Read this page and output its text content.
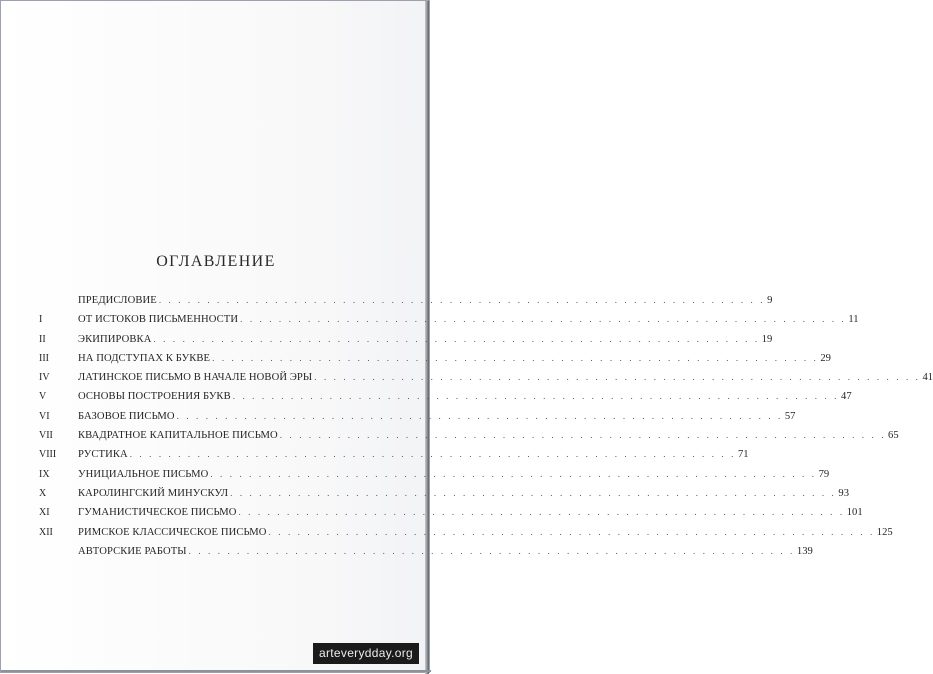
ОГЛАВЛЕНИЕ
ПРЕДИСЛОВИЕ . . . . . . . . . . . . . . . . . . . . . . . . . . . . . . . . . . . . . . . . . . . . . . . . . . . . . . . . . . . . . . . 9
I	ОТ ИСТОКОВ ПИСЬМЕННОСТИ . . . . . . . . . . . . . . . . . . . . . . . . . . . . . . . . . . . . . . . . . . . . . . . . . . . . . . . . . . . . . . . 11
II	ЭКИПИРОВКА . . . . . . . . . . . . . . . . . . . . . . . . . . . . . . . . . . . . . . . . . . . . . . . . . . . . . . . . . . . . . . . 19
III	НА ПОДСТУПАХ К БУКВЕ . . . . . . . . . . . . . . . . . . . . . . . . . . . . . . . . . . . . . . . . . . . . . . . . . . . . . . . . . . . . . . . 29
IV	ЛАТИНСКОЕ ПИСЬМО В НАЧАЛЕ НОВОЙ ЭРЫ . . . . . . . . . . . . . . . . . . . . . . . . . . . . . . . . . . . . . . . . . . . . . . . . . . . . . . . . . . . . . . . 41
V	ОСНОВЫ ПОСТРОЕНИЯ БУКВ . . . . . . . . . . . . . . . . . . . . . . . . . . . . . . . . . . . . . . . . . . . . . . . . . . . . . . . . . . . . . . . 47
VI	БАЗОВОЕ ПИСЬМО . . . . . . . . . . . . . . . . . . . . . . . . . . . . . . . . . . . . . . . . . . . . . . . . . . . . . . . . . . . . . . . 57
VII	КВАДРАТНОЕ КАПИТАЛЬНОЕ ПИСЬМО . . . . . . . . . . . . . . . . . . . . . . . . . . . . . . . . . . . . . . . . . . . . . . . . . . . . . . . . . . . . . . . 65
VIII	РУСТИКА . . . . . . . . . . . . . . . . . . . . . . . . . . . . . . . . . . . . . . . . . . . . . . . . . . . . . . . . . . . . . . . 71
IX	УНИЦИАЛЬНОЕ ПИСЬМО . . . . . . . . . . . . . . . . . . . . . . . . . . . . . . . . . . . . . . . . . . . . . . . . . . . . . . . . . . . . . . . 79
X	КАРОЛИНГСКИЙ МИНУСКУЛ . . . . . . . . . . . . . . . . . . . . . . . . . . . . . . . . . . . . . . . . . . . . . . . . . . . . . . . . . . . . . . . 93
XI	ГУМАНИСТИЧЕСКОЕ ПИСЬМО . . . . . . . . . . . . . . . . . . . . . . . . . . . . . . . . . . . . . . . . . . . . . . . . . . . . . . . . . . . . . . . 101
XII	РИМСКОЕ КЛАССИЧЕСКОЕ ПИСЬМО . . . . . . . . . . . . . . . . . . . . . . . . . . . . . . . . . . . . . . . . . . . . . . . . . . . . . . . . . . . . . . . 125
АВТОРСКИЕ РАБОТЫ . . . . . . . . . . . . . . . . . . . . . . . . . . . . . . . . . . . . . . . . . . . . . . . . . . . . . . . . . . . . . . . 139
arteverydday.org
